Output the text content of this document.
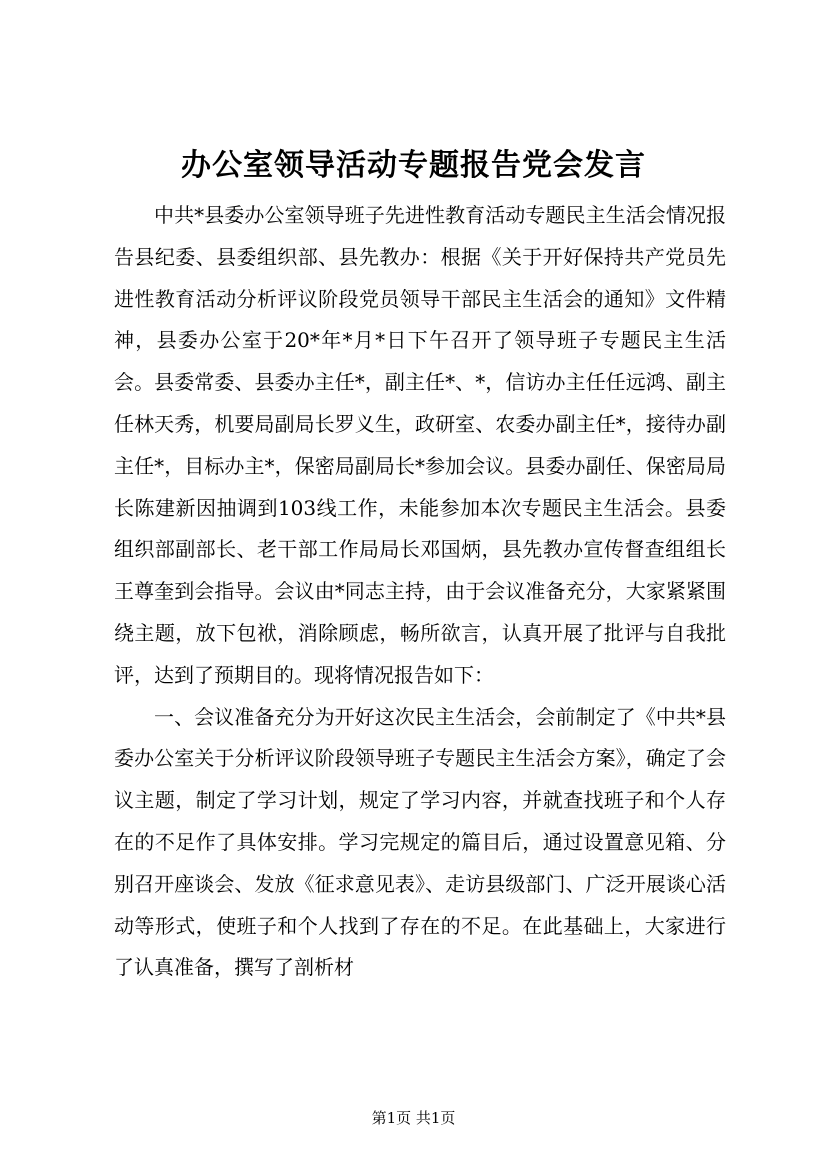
办公室领导活动专题报告党会发言

中共*县委办公室领导班子先进性教育活动专题民主生活会情况报告县纪委、县委组织部、县先教办：根据《关于开好保持共产党员先进性教育活动分析评议阶段党员领导干部民主生活会的通知》文件精神，县委办公室于20*年*月*日下午召开了领导班子专题民主生活会。县委常委、县委办主任*，副主任*、*，信访办主任任远鸿、副主任林天秀，机要局副局长罗义生，政研室、农委办副主任*，接待办副主任*，目标办主*，保密局副局长*参加会议。县委办副任、保密局局长陈建新因抽调到103线工作，未能参加本次专题民主生活会。县委组织部副部长、老干部工作局局长邓国炳，县先教办宣传督查组组长王尊奎到会指导。会议由*同志主持，由于会议准备充分，大家紧紧围绕主题，放下包袱，消除顾虑，畅所欲言，认真开展了批评与自我批评，达到了预期目的。现将情况报告如下：

一、会议准备充分为开好这次民主生活会，会前制定了《中共*县委办公室关于分析评议阶段领导班子专题民主生活会方案》，确定了会议主题，制定了学习计划，规定了学习内容，并就查找班子和个人存在的不足作了具体安排。学习完规定的篇目后，通过设置意见箱、分别召开座谈会、发放《征求意见表》、走访县级部门、广泛开展谈心活动等形式，使班子和个人找到了存在的不足。在此基础上，大家进行了认真准备，撰写了剖析材

第1页 共1页
